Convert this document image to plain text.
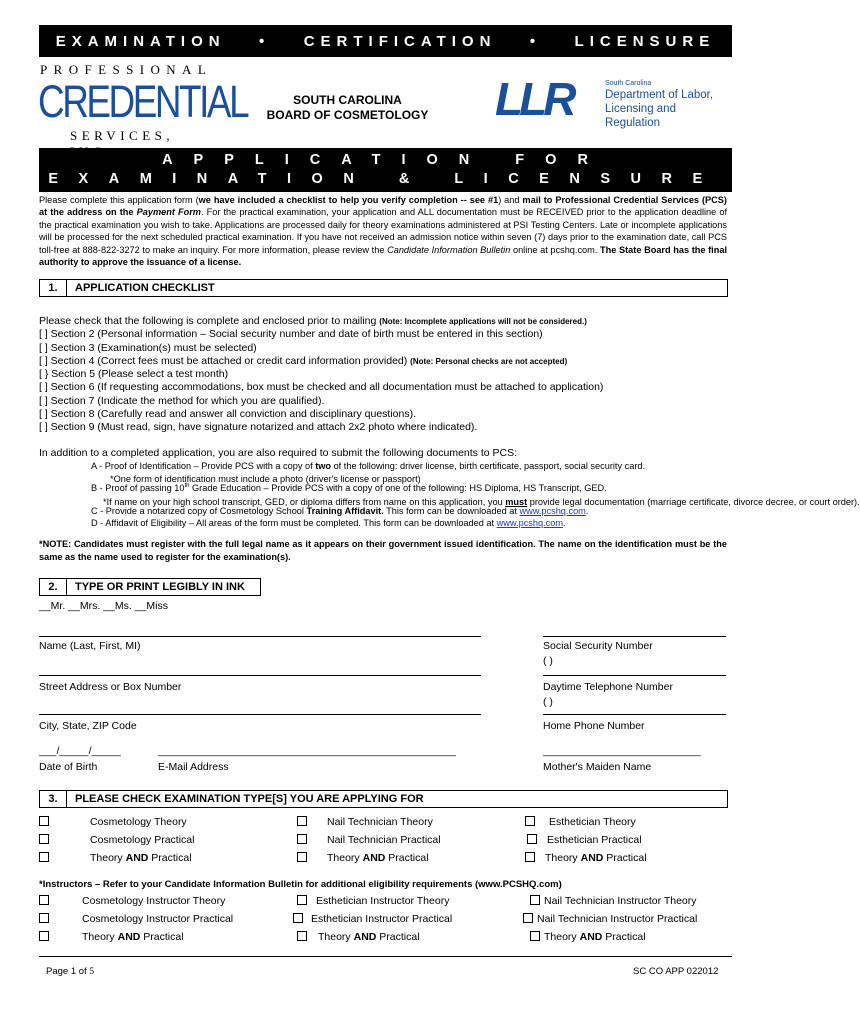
EXAMINATION • CERTIFICATION • LICENSURE
PROFESSIONAL
CREDENTIAL
SERVICES,
SOUTH CAROLINA
BOARD OF COSMETOLOGY	LLR	South Carolina
Department of Labor,
Licensing and Regulation
APPLICATION FOR
EXAMINATION & LICENSURE
Please complete this application form (we have included a checklist to help you verify completion -- see #1) and mail to Professional Credential Services (PCS) at the address on the Payment Form. For the practical examination, your application and ALL documentation must be RECEIVED prior to the application deadline of the practical examination you wish to take. Applications are processed daily for theory examinations administered at PSI Testing Centers. Late or incomplete applications will be processed for the next scheduled practical examination. If you have not received an admission notice within seven (7) days prior to the examination date, call PCS toll-free at 888-822-3272 to make an inquiry. For more information, please review the Candidate Information Bulletin online at pcshq.com. The State Board has the final authority to approve the issuance of a license.
1.	APPLICATION CHECKLIST
Please check that the following is complete and enclosed prior to mailing (Note: Incomplete applications will not be considered.)
[ ] Section 2 (Personal information – Social security number and date of birth must be entered in this section)
[ ] Section 3 (Examination(s) must be selected)
[ ] Section 4 (Correct fees must be attached or credit card information provided) (Note: Personal checks are not accepted)
[ } Section 5 (Please select a test month)
[ ] Section 6 (If requesting accommodations, box must be checked and all documentation must be attached to application)
[ ] Section 7 (Indicate the method for which you are qualified).
[ ] Section 8 (Carefully read and answer all conviction and disciplinary questions).
[ ] Section 9 (Must read, sign, have signature notarized and attach 2x2 photo where indicated).
In addition to a completed application, you are also required to submit the following documents to PCS:
A - Proof of Identification – Provide PCS with a copy of two of the following: driver license, birth certificate, passport, social security card.
*One form of identification must include a photo (driver's license or passport)
B - Proof of passing 10th Grade Education – Provide PCS with a copy of one of the following: HS Diploma, HS Transcript, GED.
*If name on your high school transcript, GED, or diploma differs from name on this application, you must provide legal documentation (marriage certificate, divorce decree, or court order).
C - Provide a notarized copy of Cosmetology School Training Affidavit. This form can be downloaded at www.pcshq.com.
D - Affidavit of Eligibility – All areas of the form must be completed. This form can be downloaded at www.pcshq.com.
*NOTE: Candidates must register with the full legal name as it appears on their government issued identification. The name on the identification must be the same as the name used to register for the examination(s).
2.	TYPE OR PRINT LEGIBLY IN INK
__Mr. __Mrs. __Ms. __Miss
Name (Last, First, MI)	Social Security Number
( )
Street Address or Box Number	Daytime Telephone Number
( )
City, State, ZIP Code	Home Phone Number
___/_____/_____	___________________________________________________	___________________________
Date of Birth	E-Mail Address	Mother's Maiden Name
3.	PLEASE CHECK EXAMINATION TYPE[S] YOU ARE APPLYING FOR
Cosmetology Theory	Nail Technician Theory	Esthetician Theory
Cosmetology Practical	Nail Technician Practical	Esthetician Practical
Theory AND Practical	Theory AND Practical	Theory AND Practical
*Instructors – Refer to your Candidate Information Bulletin for additional eligibility requirements (www.PCSHQ.com)
Cosmetology Instructor Theory	Esthetician Instructor Theory	Nail Technician Instructor Theory
Cosmetology Instructor Practical	Esthetician Instructor Practical	Nail Technician Instructor Practical
Theory AND Practical	Theory AND Practical	Theory AND Practical
Page 1 of 5	SC CO APP 022012
